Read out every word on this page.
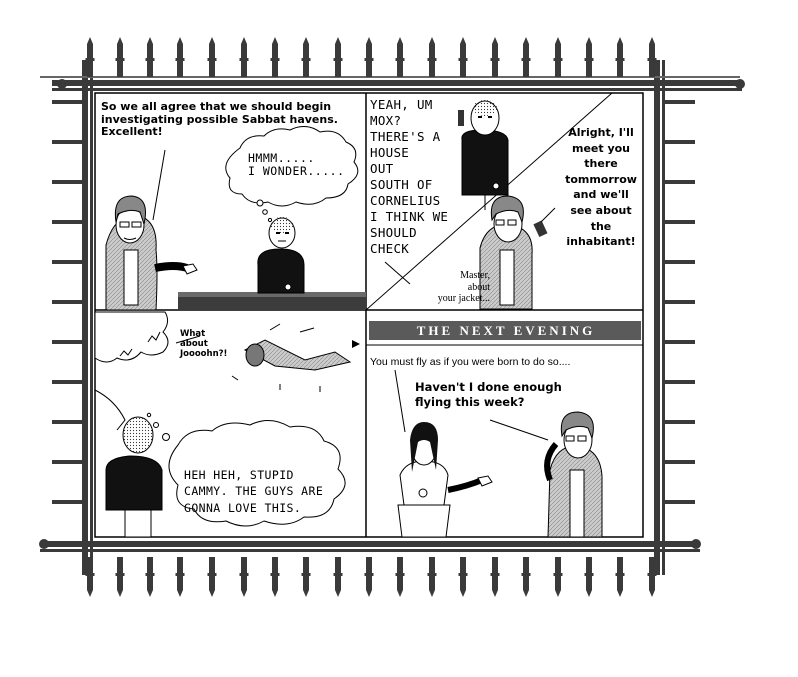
So we all agree that we should begin investigating possible Sabbat havens. Excellent!
HMMM.....
I WONDER.....
YEAH, UM
MOX?
THERE'S A
HOUSE
OUT
SOUTH OF
CORNELIUS
I THINK WE
SHOULD
CHECK
Alright, I'll
meet you
there
tommorrow
and we'll
see about
the
inhabitant!
Master,
about
your jacket...
What
about
Joooohn?!
HEH HEH, STUPID
CAMMY. THE GUYS ARE
GONNA LOVE THIS.
THE NEXT EVENING
You must fly as if you were born to do so....
Haven't I done enough
flying this week?
